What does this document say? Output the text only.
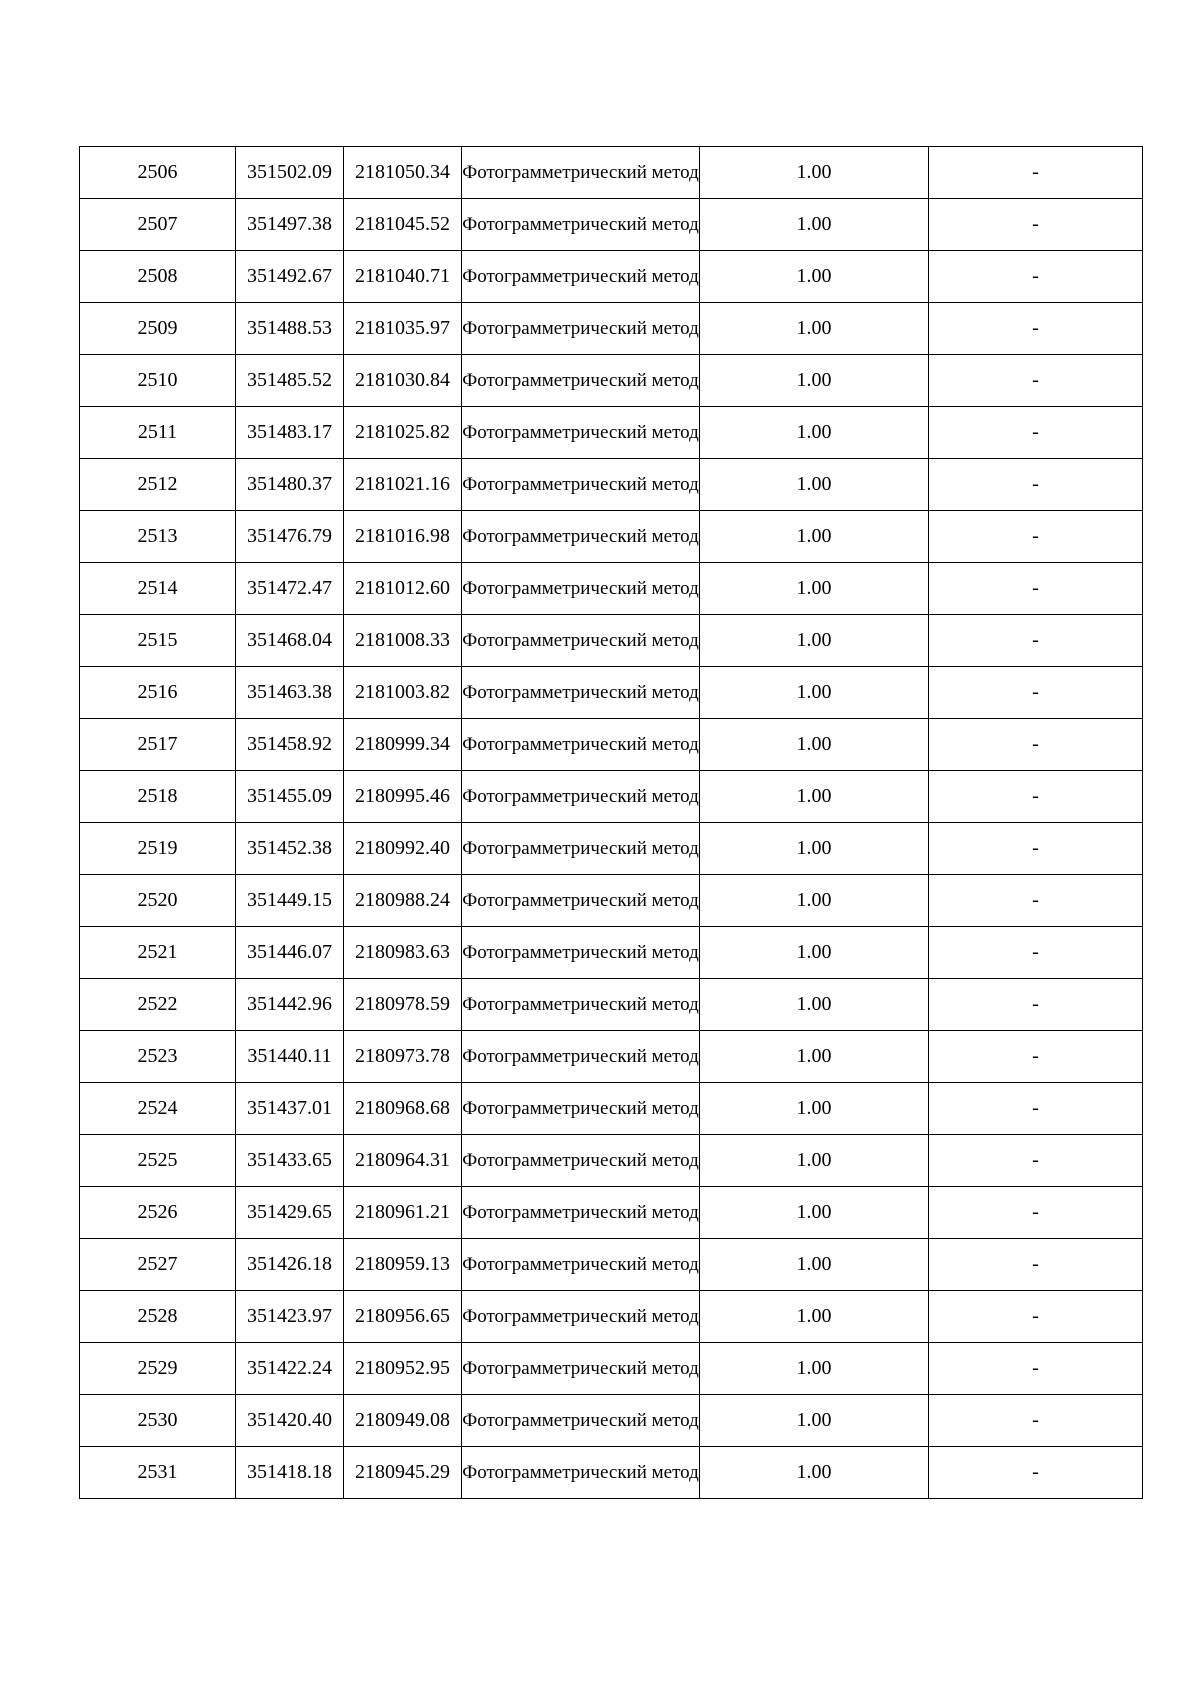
2506	351502.09	2181050.34	Фотограмметрический метод	1.00	-
2507	351497.38	2181045.52	Фотограмметрический метод	1.00	-
2508	351492.67	2181040.71	Фотограмметрический метод	1.00	-
2509	351488.53	2181035.97	Фотограмметрический метод	1.00	-
2510	351485.52	2181030.84	Фотограмметрический метод	1.00	-
2511	351483.17	2181025.82	Фотограмметрический метод	1.00	-
2512	351480.37	2181021.16	Фотограмметрический метод	1.00	-
2513	351476.79	2181016.98	Фотограмметрический метод	1.00	-
2514	351472.47	2181012.60	Фотограмметрический метод	1.00	-
2515	351468.04	2181008.33	Фотограмметрический метод	1.00	-
2516	351463.38	2181003.82	Фотограмметрический метод	1.00	-
2517	351458.92	2180999.34	Фотограмметрический метод	1.00	-
2518	351455.09	2180995.46	Фотограмметрический метод	1.00	-
2519	351452.38	2180992.40	Фотограмметрический метод	1.00	-
2520	351449.15	2180988.24	Фотограмметрический метод	1.00	-
2521	351446.07	2180983.63	Фотограмметрический метод	1.00	-
2522	351442.96	2180978.59	Фотограмметрический метод	1.00	-
2523	351440.11	2180973.78	Фотограмметрический метод	1.00	-
2524	351437.01	2180968.68	Фотограмметрический метод	1.00	-
2525	351433.65	2180964.31	Фотограмметрический метод	1.00	-
2526	351429.65	2180961.21	Фотограмметрический метод	1.00	-
2527	351426.18	2180959.13	Фотограмметрический метод	1.00	-
2528	351423.97	2180956.65	Фотограмметрический метод	1.00	-
2529	351422.24	2180952.95	Фотограмметрический метод	1.00	-
2530	351420.40	2180949.08	Фотограмметрический метод	1.00	-
2531	351418.18	2180945.29	Фотограмметрический метод	1.00	-
